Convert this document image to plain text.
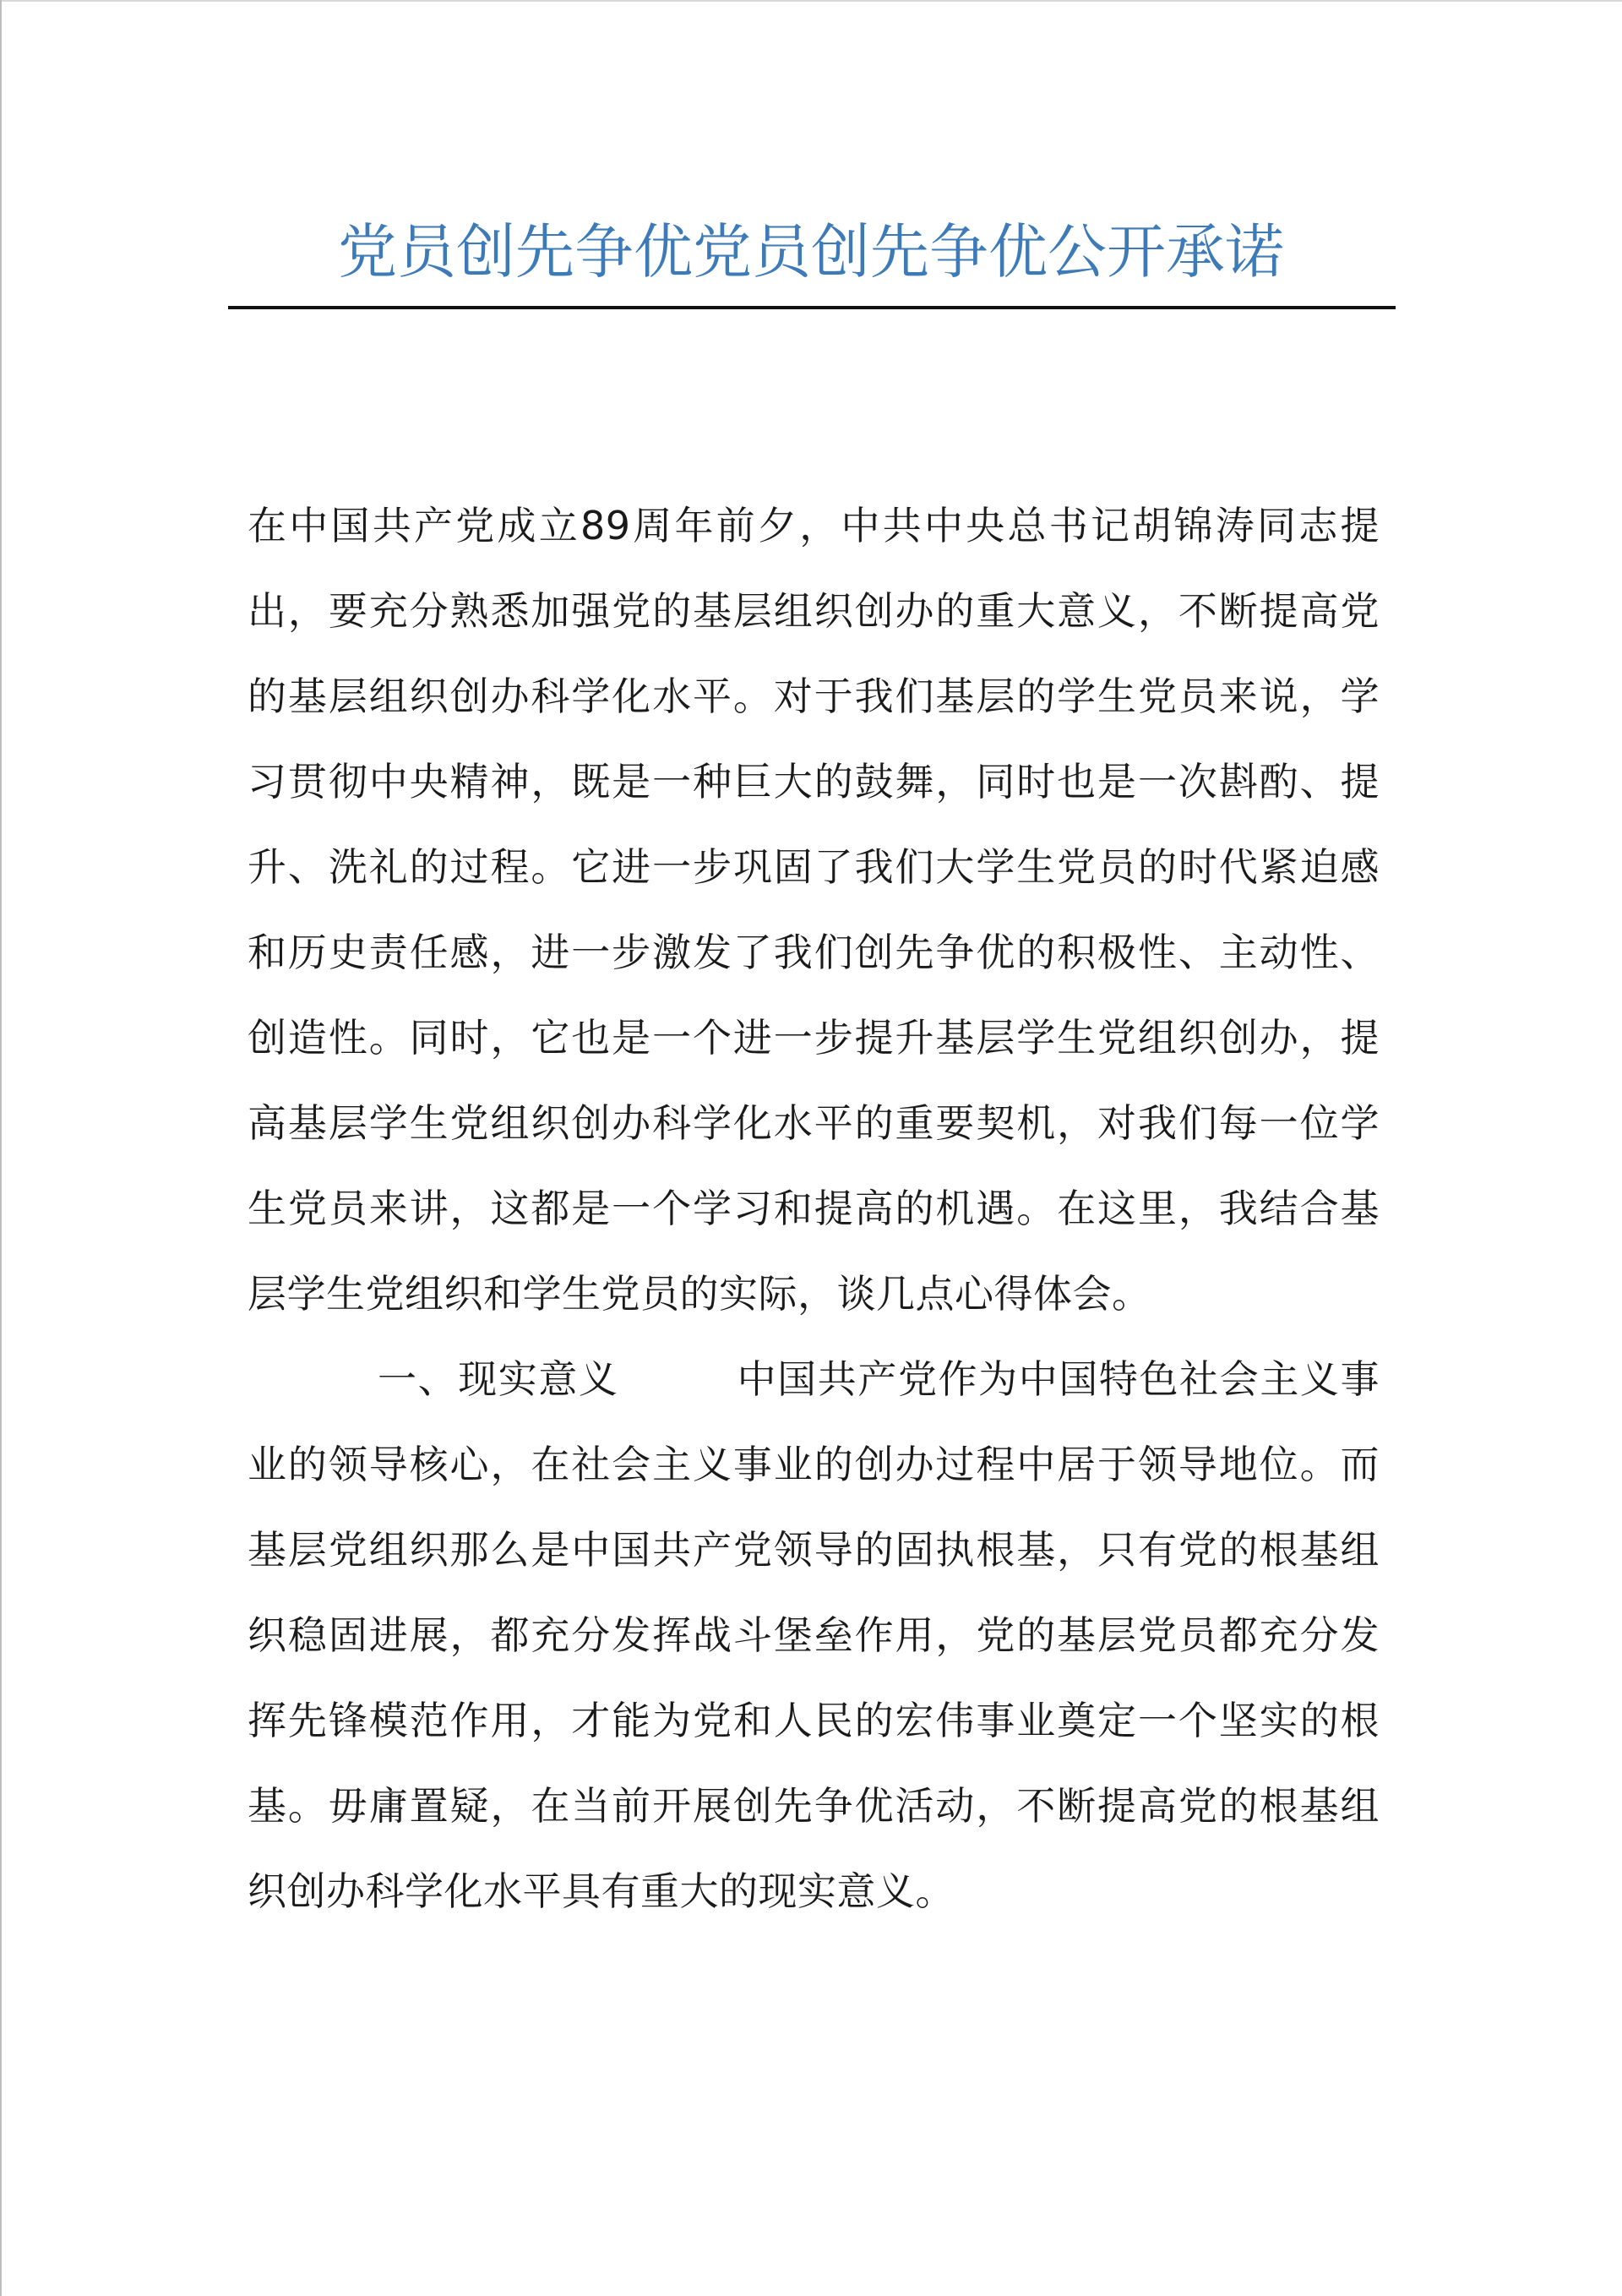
党员创先争优党员创先争优公开承诺

在中国共产党成立89周年前夕，中共中央总书记胡锦涛同志提出，要充分熟悉加强党的基层组织创办的重大意义，不断提高党的基层组织创办科学化水平。对于我们基层的学生党员来说，学习贯彻中央精神，既是一种巨大的鼓舞，同时也是一次斟酌、提升、洗礼的过程。它进一步巩固了我们大学生党员的时代紧迫感和历史责任感，进一步激发了我们创先争优的积极性、主动性、创造性。同时，它也是一个进一步提升基层学生党组织创办，提高基层学生党组织创办科学化水平的重要契机，对我们每一位学生党员来讲，这都是一个学习和提高的机遇。在这里，我结合基层学生党组织和学生党员的实际，谈几点心得体会。

一、现实意义	中国共产党作为中国特色社会主义事业的领导核心，在社会主义事业的创办过程中居于领导地位。而基层党组织那么是中国共产党领导的固执根基，只有党的根基组织稳固进展，都充分发挥战斗堡垒作用，党的基层党员都充分发挥先锋模范作用，才能为党和人民的宏伟事业奠定一个坚实的根基。毋庸置疑，在当前开展创先争优活动，不断提高党的根基组织创办科学化水平具有重大的现实意义。
